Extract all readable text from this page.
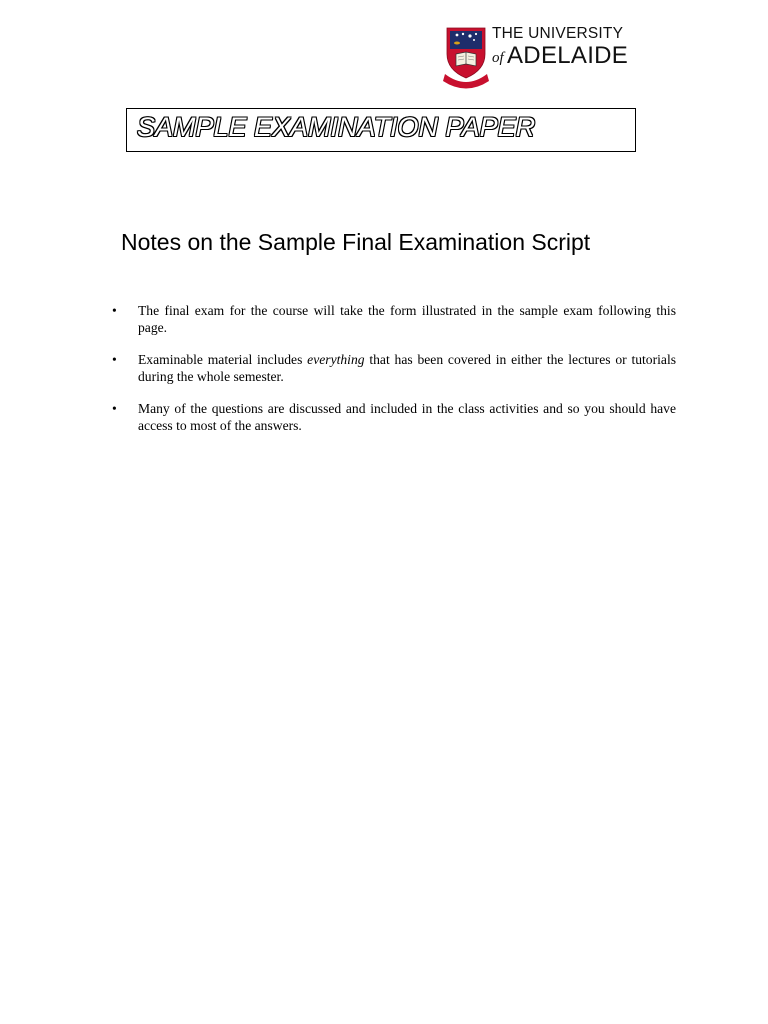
THE UNIVERSITY
of ADELAIDE
SAMPLE EXAMINATION PAPER
Notes on the Sample Final Examination Script
• The final exam for the course will take the form illustrated in the sample exam following this page.
• Examinable material includes everything that has been covered in either the lectures or tutorials during the whole semester.
• Many of the questions are discussed and included in the class activities and so you should have access to most of the answers.
